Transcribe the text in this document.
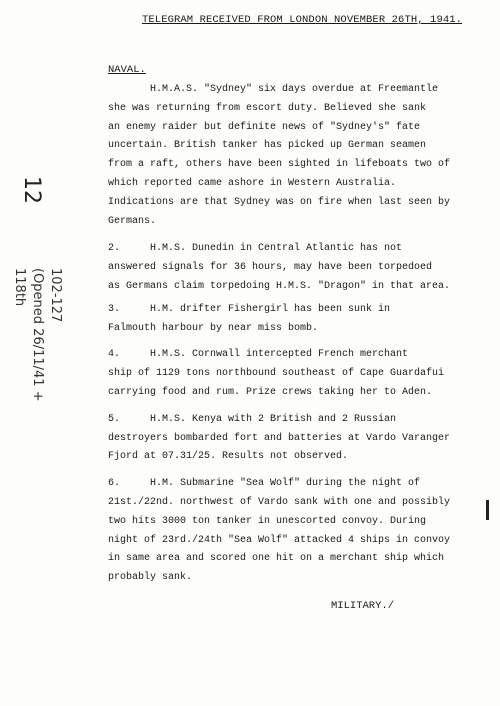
TELEGRAM RECEIVED FROM LONDON NOVEMBER 26TH, 1941.
NAVAL.
H.M.A.S. "Sydney" six days overdue at Freemantle
she was returning from escort duty. Believed she sank
an enemy raider but definite news of "Sydney's" fate
uncertain. British tanker has picked up German seamen
from a raft, others have been sighted in lifeboats two of
which reported came ashore in Western Australia.
Indications are that Sydney was on fire when last seen by
Germans.
2.	H.M.S. Dunedin in Central Atlantic has not
answered signals for 36 hours, may have been torpedoed
as Germans claim torpedoing H.M.S. "Dragon" in that area.
3.	H.M. drifter Fishergirl has been sunk in
Falmouth harbour by near miss bomb.
4.	H.M.S. Cornwall intercepted French merchant
ship of 1129 tons northbound southeast of Cape Guardafui
carrying food and rum. Prize crews taking her to Aden.
5.	H.M.S. Kenya with 2 British and 2 Russian
destroyers bombarded fort and batteries at Vardo Varanger
Fjord at 07.31/25. Results not observed.
6.	H.M. Submarine "Sea Wolf" during the night of
21st./22nd. northwest of Vardo sank with one and possibly
two hits 3000 ton tanker in unescorted convoy. During
night of 23rd./24th "Sea Wolf" attacked 4 ships in convoy
in same area and scored one hit on a merchant ship which
probably sank.
MILITARY./
12
102-127
(Opened 26/11/41 +
118th
